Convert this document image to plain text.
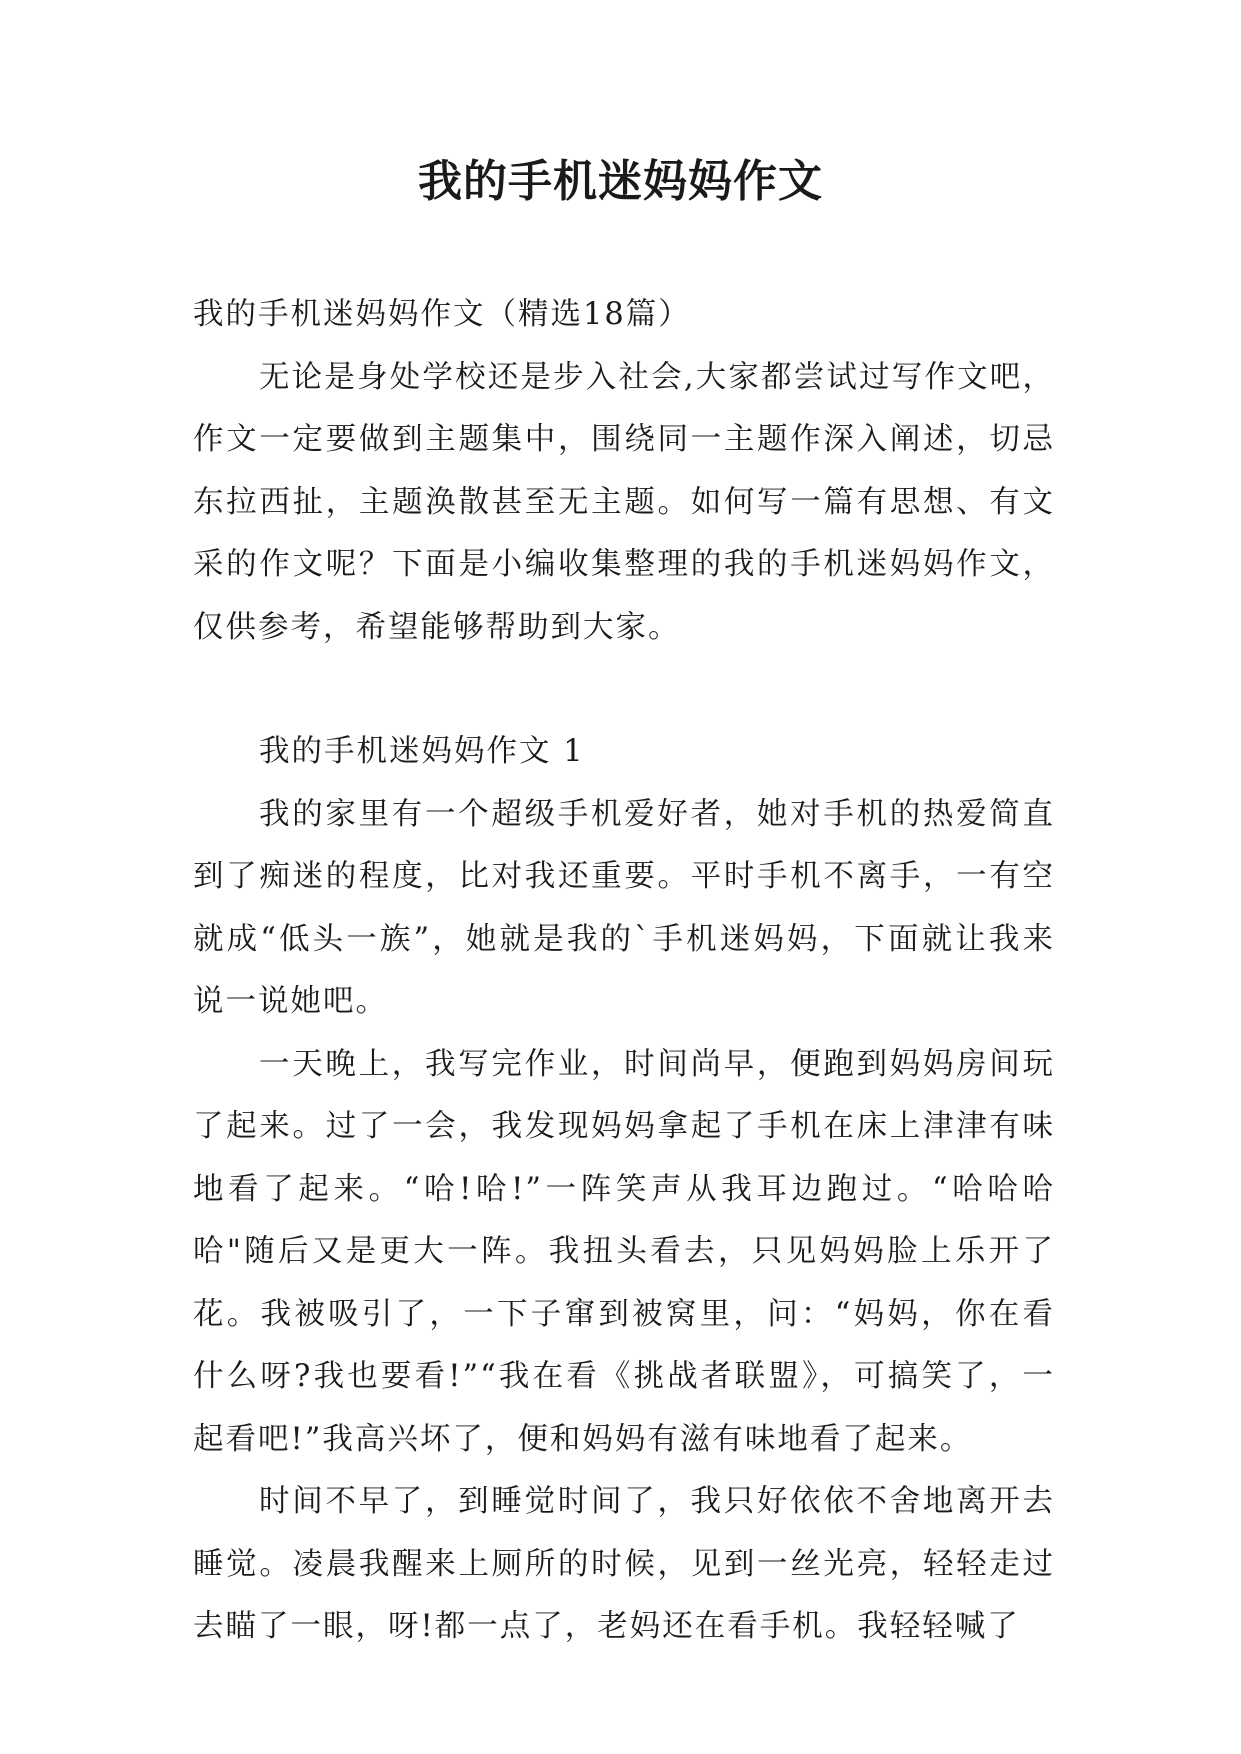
我的手机迷妈妈作文

我的手机迷妈妈作文（精选18篇）

无论是身处学校还是步入社会,大家都尝试过写作文吧，作文一定要做到主题集中，围绕同一主题作深入阐述，切忌东拉西扯，主题涣散甚至无主题。如何写一篇有思想、有文采的作文呢？下面是小编收集整理的我的手机迷妈妈作文，仅供参考，希望能够帮助到大家。

我的手机迷妈妈作文 1

我的家里有一个超级手机爱好者，她对手机的热爱简直到了痴迷的程度，比对我还重要。平时手机不离手，一有空就成“低头一族”，她就是我的`手机迷妈妈，下面就让我来说一说她吧。

一天晚上，我写完作业，时间尚早，便跑到妈妈房间玩了起来。过了一会，我发现妈妈拿起了手机在床上津津有味地看了起来。“哈!哈!”一阵笑声从我耳边跑过。“哈哈哈哈"随后又是更大一阵。我扭头看去，只见妈妈脸上乐开了花。我被吸引了，一下子窜到被窝里，问：“妈妈，你在看什么呀?我也要看!”“我在看《挑战者联盟》，可搞笑了，一起看吧!”我高兴坏了，便和妈妈有滋有味地看了起来。

时间不早了，到睡觉时间了，我只好依依不舍地离开去睡觉。凌晨我醒来上厕所的时候，见到一丝光亮，轻轻走过去瞄了一眼，呀!都一点了，老妈还在看手机。我轻轻喊了
